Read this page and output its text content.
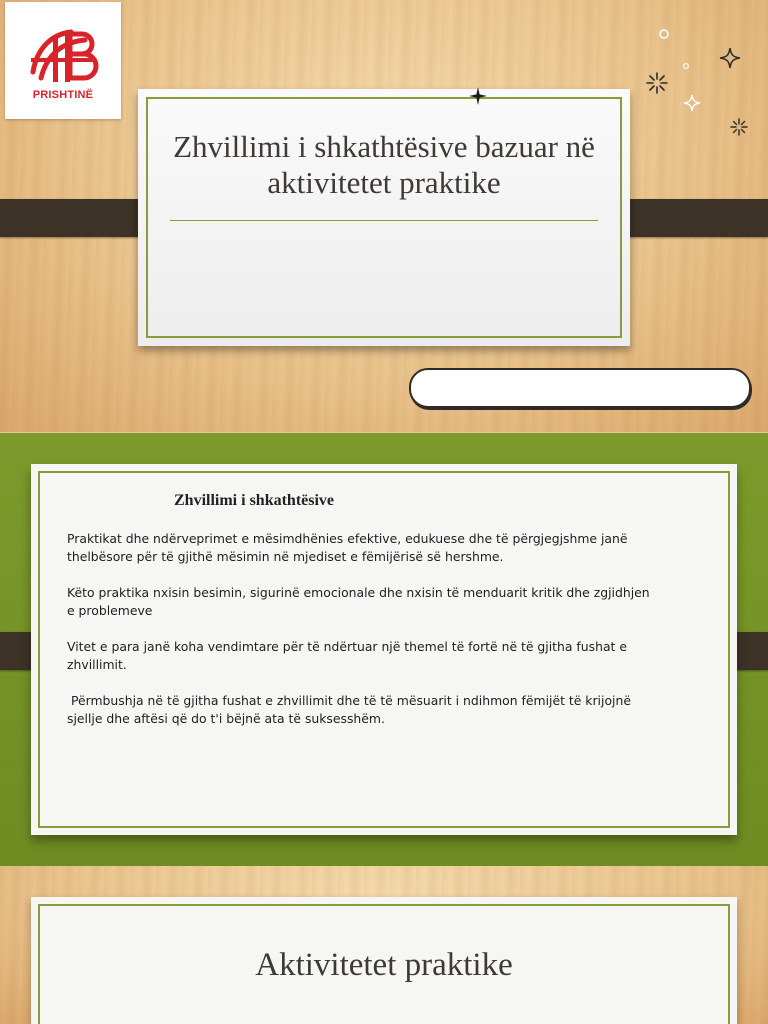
PRISHTINË
Zhvillimi i shkathtësive bazuar në aktivitetet praktike
Zhvillimi i shkathtësive
Praktikat dhe ndërveprimet e mësimdhënies efektive, edukuese dhe të përgjegjshme janë thelbësore për të gjithë mësimin në mjediset e fëmijërisë së hershme.
Këto praktika nxisin besimin, sigurinë emocionale dhe nxisin të menduarit kritik dhe zgjidhjen e problemeve
Vitet e para janë koha vendimtare për të ndërtuar një themel të fortë në të gjitha fushat e zhvillimit.
Përmbushja në të gjitha fushat e zhvillimit dhe të të mësuarit i ndihmon fëmijët të krijojnë sjellje dhe aftësi që do t'i bëjnë ata të suksesshëm.
Aktivitetet praktike
